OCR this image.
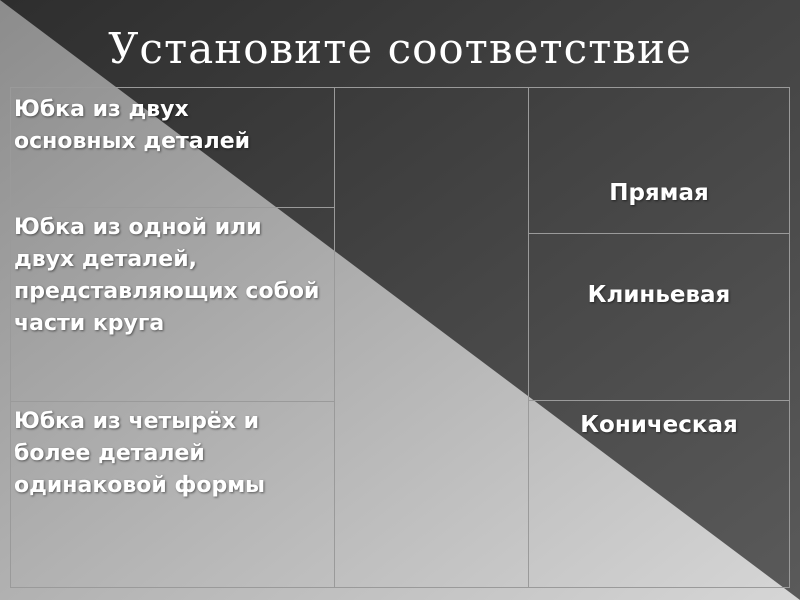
Установите соответствие
Юбка из двух основных деталей
Юбка из одной или двух деталей, представляющих собой части круга
Юбка из четырёх и более деталей одинаковой формы
Прямая
Клиньевая
Коническая
